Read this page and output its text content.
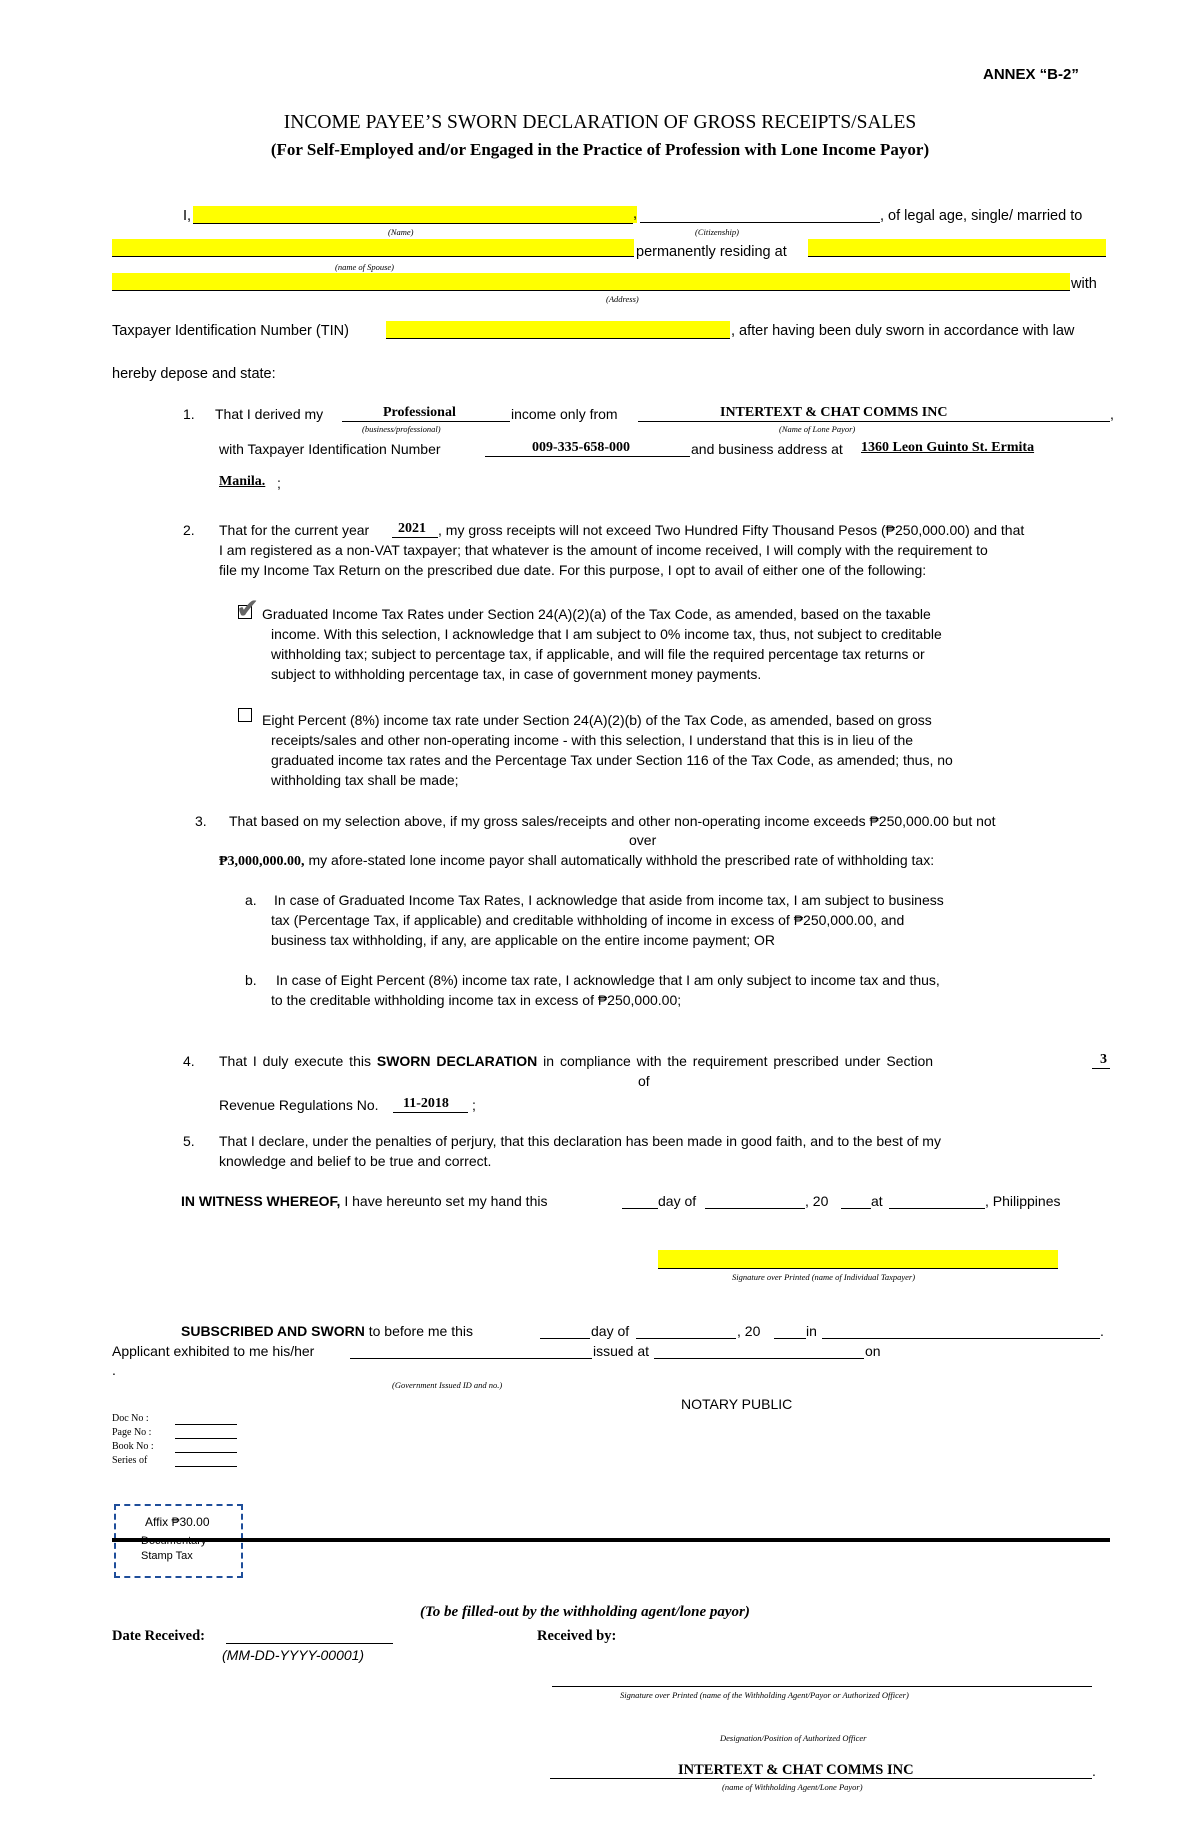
ANNEX “B-2”
INCOME PAYEE’S SWORN DECLARATION OF GROSS RECEIPTS/SALES
(For Self-Employed and/or Engaged in the Practice of Profession with Lone Income Payor)
I,	,	, of legal age, single/ married to
(Name)	(Citizenship)
permanently residing at
(name of Spouse)
with
(Address)
Taxpayer Identification Number (TIN)	, after having been duly sworn in accordance with law
hereby depose and state:
1. That I derived my	Professional	income only from	INTERTEXT & CHAT COMMS INC	,
(business/professional)	(Name of Lone Payor)
with Taxpayer Identification Number	009-335-658-000	and business address at 1360 Leon Guinto St. Ermita
Manila. ;
2. That for the current year 2021 , my gross receipts will not exceed Two Hundred Fifty Thousand Pesos (₱250,000.00) and that
I am registered as a non-VAT taxpayer; that whatever is the amount of income received, I will comply with the requirement to
file my Income Tax Return on the prescribed due date. For this purpose, I opt to avail of either one of the following:
✔ Graduated Income Tax Rates under Section 24(A)(2)(a) of the Tax Code, as amended, based on the taxable
income. With this selection, I acknowledge that I am subject to 0% income tax, thus, not subject to creditable
withholding tax; subject to percentage tax, if applicable, and will file the required percentage tax returns or
subject to withholding percentage tax, in case of government money payments.
Eight Percent (8%) income tax rate under Section 24(A)(2)(b) of the Tax Code, as amended, based on gross
receipts/sales and other non-operating income - with this selection, I understand that this is in lieu of the
graduated income tax rates and the Percentage Tax under Section 116 of the Tax Code, as amended; thus, no
withholding tax shall be made;
3. That based on my selection above, if my gross sales/receipts and other non-operating income exceeds ₱250,000.00 but not
over
₱3,000,000.00, my afore-stated lone income payor shall automatically withhold the prescribed rate of withholding tax:
a. In case of Graduated Income Tax Rates, I acknowledge that aside from income tax, I am subject to business
tax (Percentage Tax, if applicable) and creditable withholding of income in excess of ₱250,000.00, and
business tax withholding, if any, are applicable on the entire income payment; OR
b. In case of Eight Percent (8%) income tax rate, I acknowledge that I am only subject to income tax and thus,
to the creditable withholding income tax in excess of ₱250,000.00;
4. That I duly execute this SWORN DECLARATION in compliance with the requirement prescribed under Section	3
of
Revenue Regulations No. 11-2018 ;
5. That I declare, under the penalties of perjury, that this declaration has been made in good faith, and to the best of my
knowledge and belief to be true and correct.
IN WITNESS WHEREOF, I have hereunto set my hand this	day of	, 20	at	, Philippines
Signature over Printed (name of Individual Taxpayer)
SUBSCRIBED AND SWORN to before me this	day of	, 20	in	.
Applicant exhibited to me his/her	issued at	on
.
(Government Issued ID and no.)
NOTARY PUBLIC
Doc No :
Page No :
Book No :
Series of
Affix ₱30.00
Stamp Tax
(To be filled-out by the withholding agent/lone payor)
Date Received:
(MM-DD-YYYY-00001)
Received by:
Signature over Printed (name of the Withholding Agent/Payor or Authorized Officer)
Designation/Position of Authorized Officer
INTERTEXT & CHAT COMMS INC	.
(name of Withholding Agent/Lone Payor)
